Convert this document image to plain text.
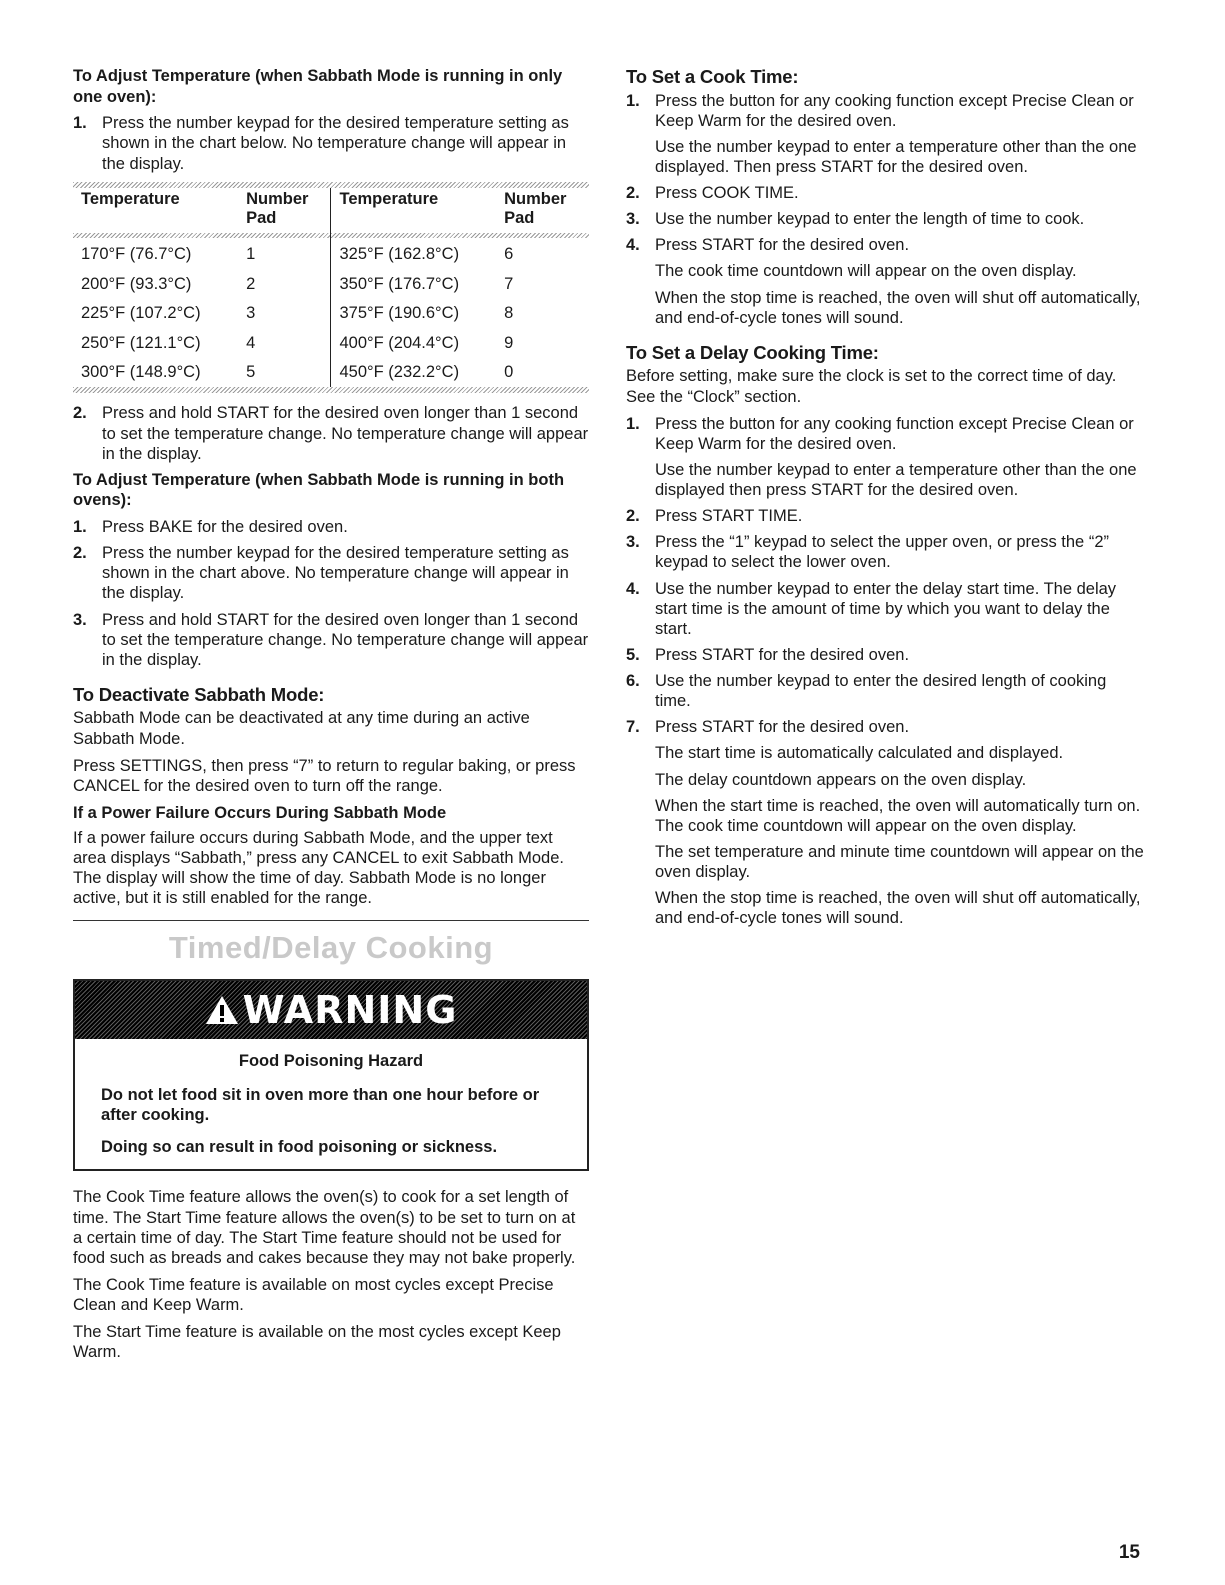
To Adjust Temperature (when Sabbath Mode is running in only one oven):
1. Press the number keypad for the desired temperature setting as shown in the chart below. No temperature change will appear in the display.
Temperature	Number Pad	Temperature	Number Pad

170°F (76.7°C)	1	325°F (162.8°C)	6
200°F (93.3°C)	2	350°F (176.7°C)	7
225°F (107.2°C)	3	375°F (190.6°C)	8
250°F (121.1°C)	4	400°F (204.4°C)	9
300°F (148.9°C)	5	450°F (232.2°C)	0
2. Press and hold START for the desired oven longer than 1 second to set the temperature change. No temperature change will appear in the display.
To Adjust Temperature (when Sabbath Mode is running in both ovens):
1. Press BAKE for the desired oven.
2. Press the number keypad for the desired temperature setting as shown in the chart above. No temperature change will appear in the display.
3. Press and hold START for the desired oven longer than 1 second to set the temperature change. No temperature change will appear in the display.
To Deactivate Sabbath Mode:

Sabbath Mode can be deactivated at any time during an active Sabbath Mode.

Press SETTINGS, then press “7” to return to regular baking, or press CANCEL for the desired oven to turn off the range.

If a Power Failure Occurs During Sabbath Mode

If a power failure occurs during Sabbath Mode, and the upper text area displays “Sabbath,” press any CANCEL to exit Sabbath Mode. The display will show the time of day. Sabbath Mode is no longer active, but it is still enabled for the range.

Timed/Delay Cooking
WARNING
Food Poisoning Hazard

Do not let food sit in oven more than one hour before or after cooking.

Doing so can result in food poisoning or sickness.

The Cook Time feature allows the oven(s) to cook for a set length of time. The Start Time feature allows the oven(s) to be set to turn on at a certain time of day. The Start Time feature should not be used for food such as breads and cakes because they may not bake properly.

The Cook Time feature is available on most cycles except Precise Clean and Keep Warm.

The Start Time feature is available on the most cycles except Keep Warm.

To Set a Cook Time:
1. Press the button for any cooking function except Precise Clean or Keep Warm for the desired oven.

Use the number keypad to enter a temperature other than the one displayed. Then press START for the desired oven.

2. Press COOK TIME.
3. Use the number keypad to enter the length of time to cook.
4. Press START for the desired oven.

The cook time countdown will appear on the oven display.

When the stop time is reached, the oven will shut off automatically, and end-of-cycle tones will sound.

To Set a Delay Cooking Time:

Before setting, make sure the clock is set to the correct time of day. See the “Clock” section.

1. Press the button for any cooking function except Precise Clean or Keep Warm for the desired oven.

Use the number keypad to enter a temperature other than the one displayed then press START for the desired oven.

2. Press START TIME.
3. Press the “1” keypad to select the upper oven, or press the “2” keypad to select the lower oven.
4. Use the number keypad to enter the delay start time. The delay start time is the amount of time by which you want to delay the start.
5. Press START for the desired oven.
6. Use the number keypad to enter the desired length of cooking time.
7. Press START for the desired oven.

The start time is automatically calculated and displayed.

The delay countdown appears on the oven display.

When the start time is reached, the oven will automatically turn on. The cook time countdown will appear on the oven display.

The set temperature and minute time countdown will appear on the oven display.

When the stop time is reached, the oven will shut off automatically, and end-of-cycle tones will sound.

15
